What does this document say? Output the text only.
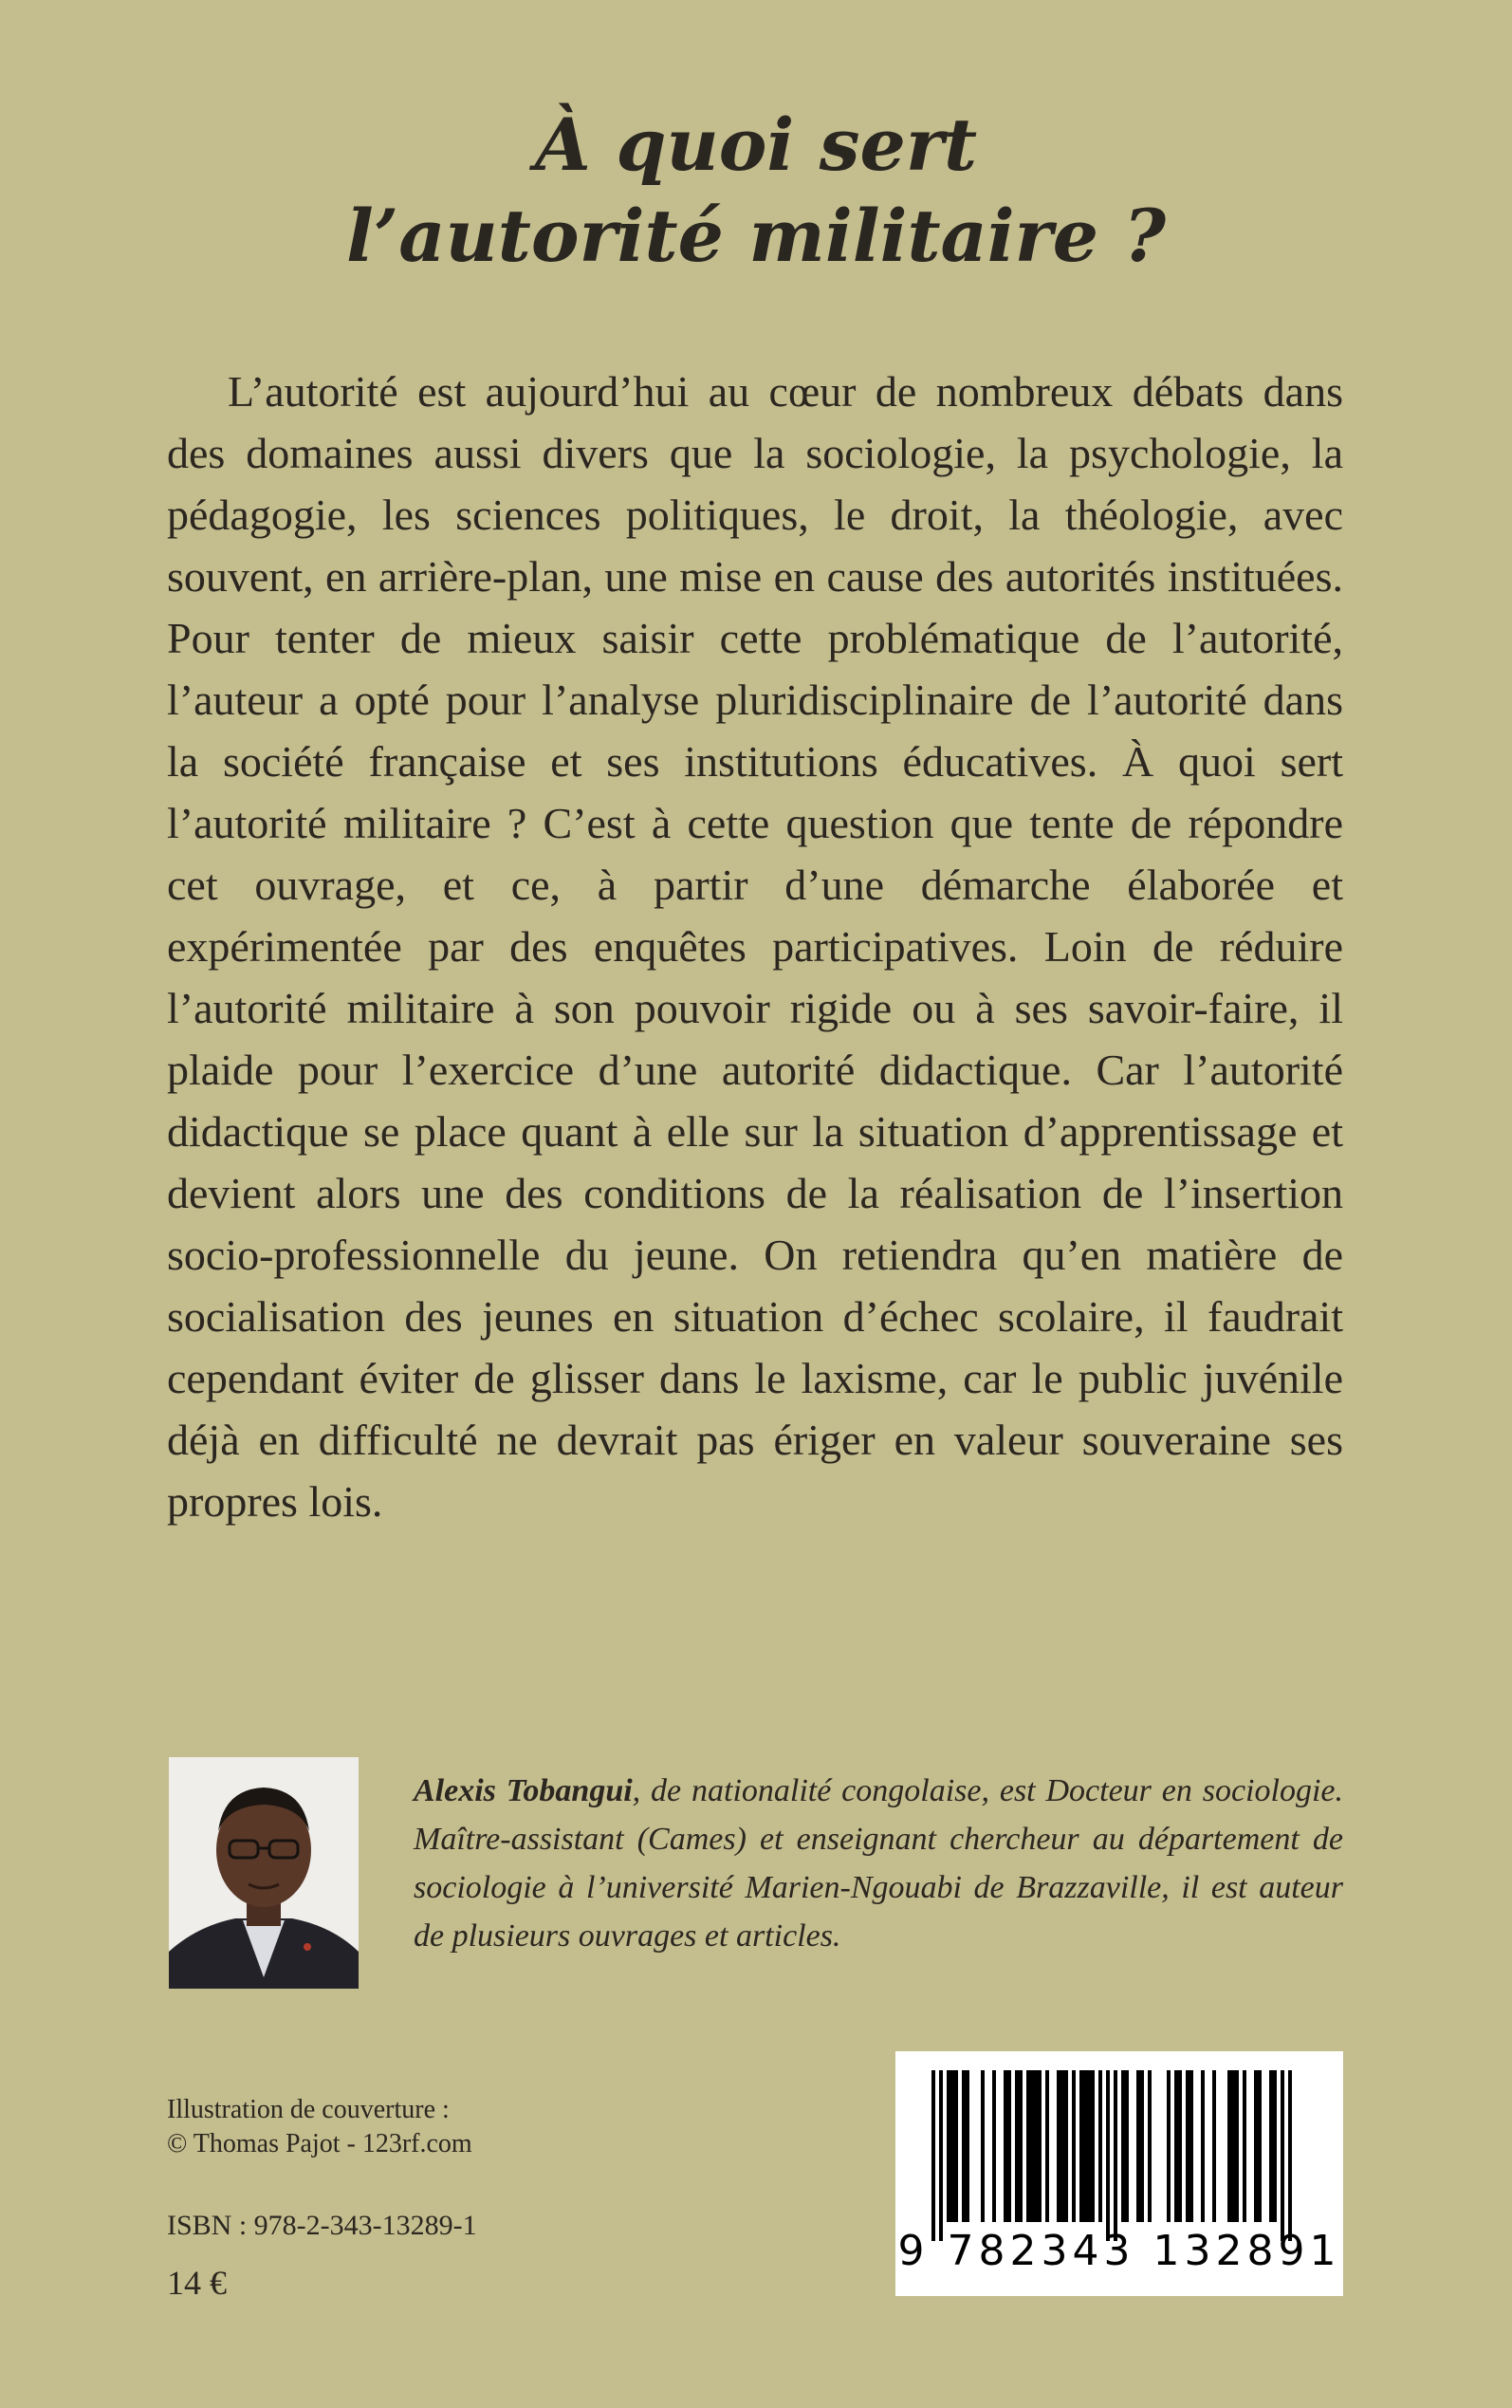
À quoi sert
l’autorité militaire ?

L’autorité est aujourd’hui au cœur de nombreux débats dans des domaines aussi divers que la sociologie, la psychologie, la pédagogie, les sciences politiques, le droit, la théologie, avec souvent, en arrière-plan, une mise en cause des autorités instituées. Pour tenter de mieux saisir cette problématique de l’autorité, l’auteur a opté pour l’analyse pluridisciplinaire de l’autorité dans la société française et ses institutions éducatives. À quoi sert l’autorité militaire ? C’est à cette question que tente de répondre cet ouvrage, et ce, à partir d’une démarche élaborée et expérimentée par des enquêtes participatives. Loin de réduire l’autorité militaire à son pouvoir rigide ou à ses savoir-faire, il plaide pour l’exercice d’une autorité didactique. Car l’autorité didactique se place quant à elle sur la situation d’apprentissage et devient alors une des conditions de la réalisation de l’insertion socio-professionnelle du jeune. On retiendra qu’en matière de socialisation des jeunes en situation d’échec scolaire, il faudrait cependant éviter de glisser dans le laxisme, car le public juvénile déjà en difficulté ne devrait pas ériger en valeur souveraine ses propres lois.

Alexis Tobangui, de nationalité congolaise, est Docteur en sociologie. Maître-assistant (Cames) et enseignant chercheur au département de sociologie à l’université Marien-Ngouabi de Brazzaville, il est auteur de plusieurs ouvrages et articles.

Illustration de couverture :
© Thomas Pajot - 123rf.com
ISBN : 978-2-343-13289-1
14 €
9 782343 132891
